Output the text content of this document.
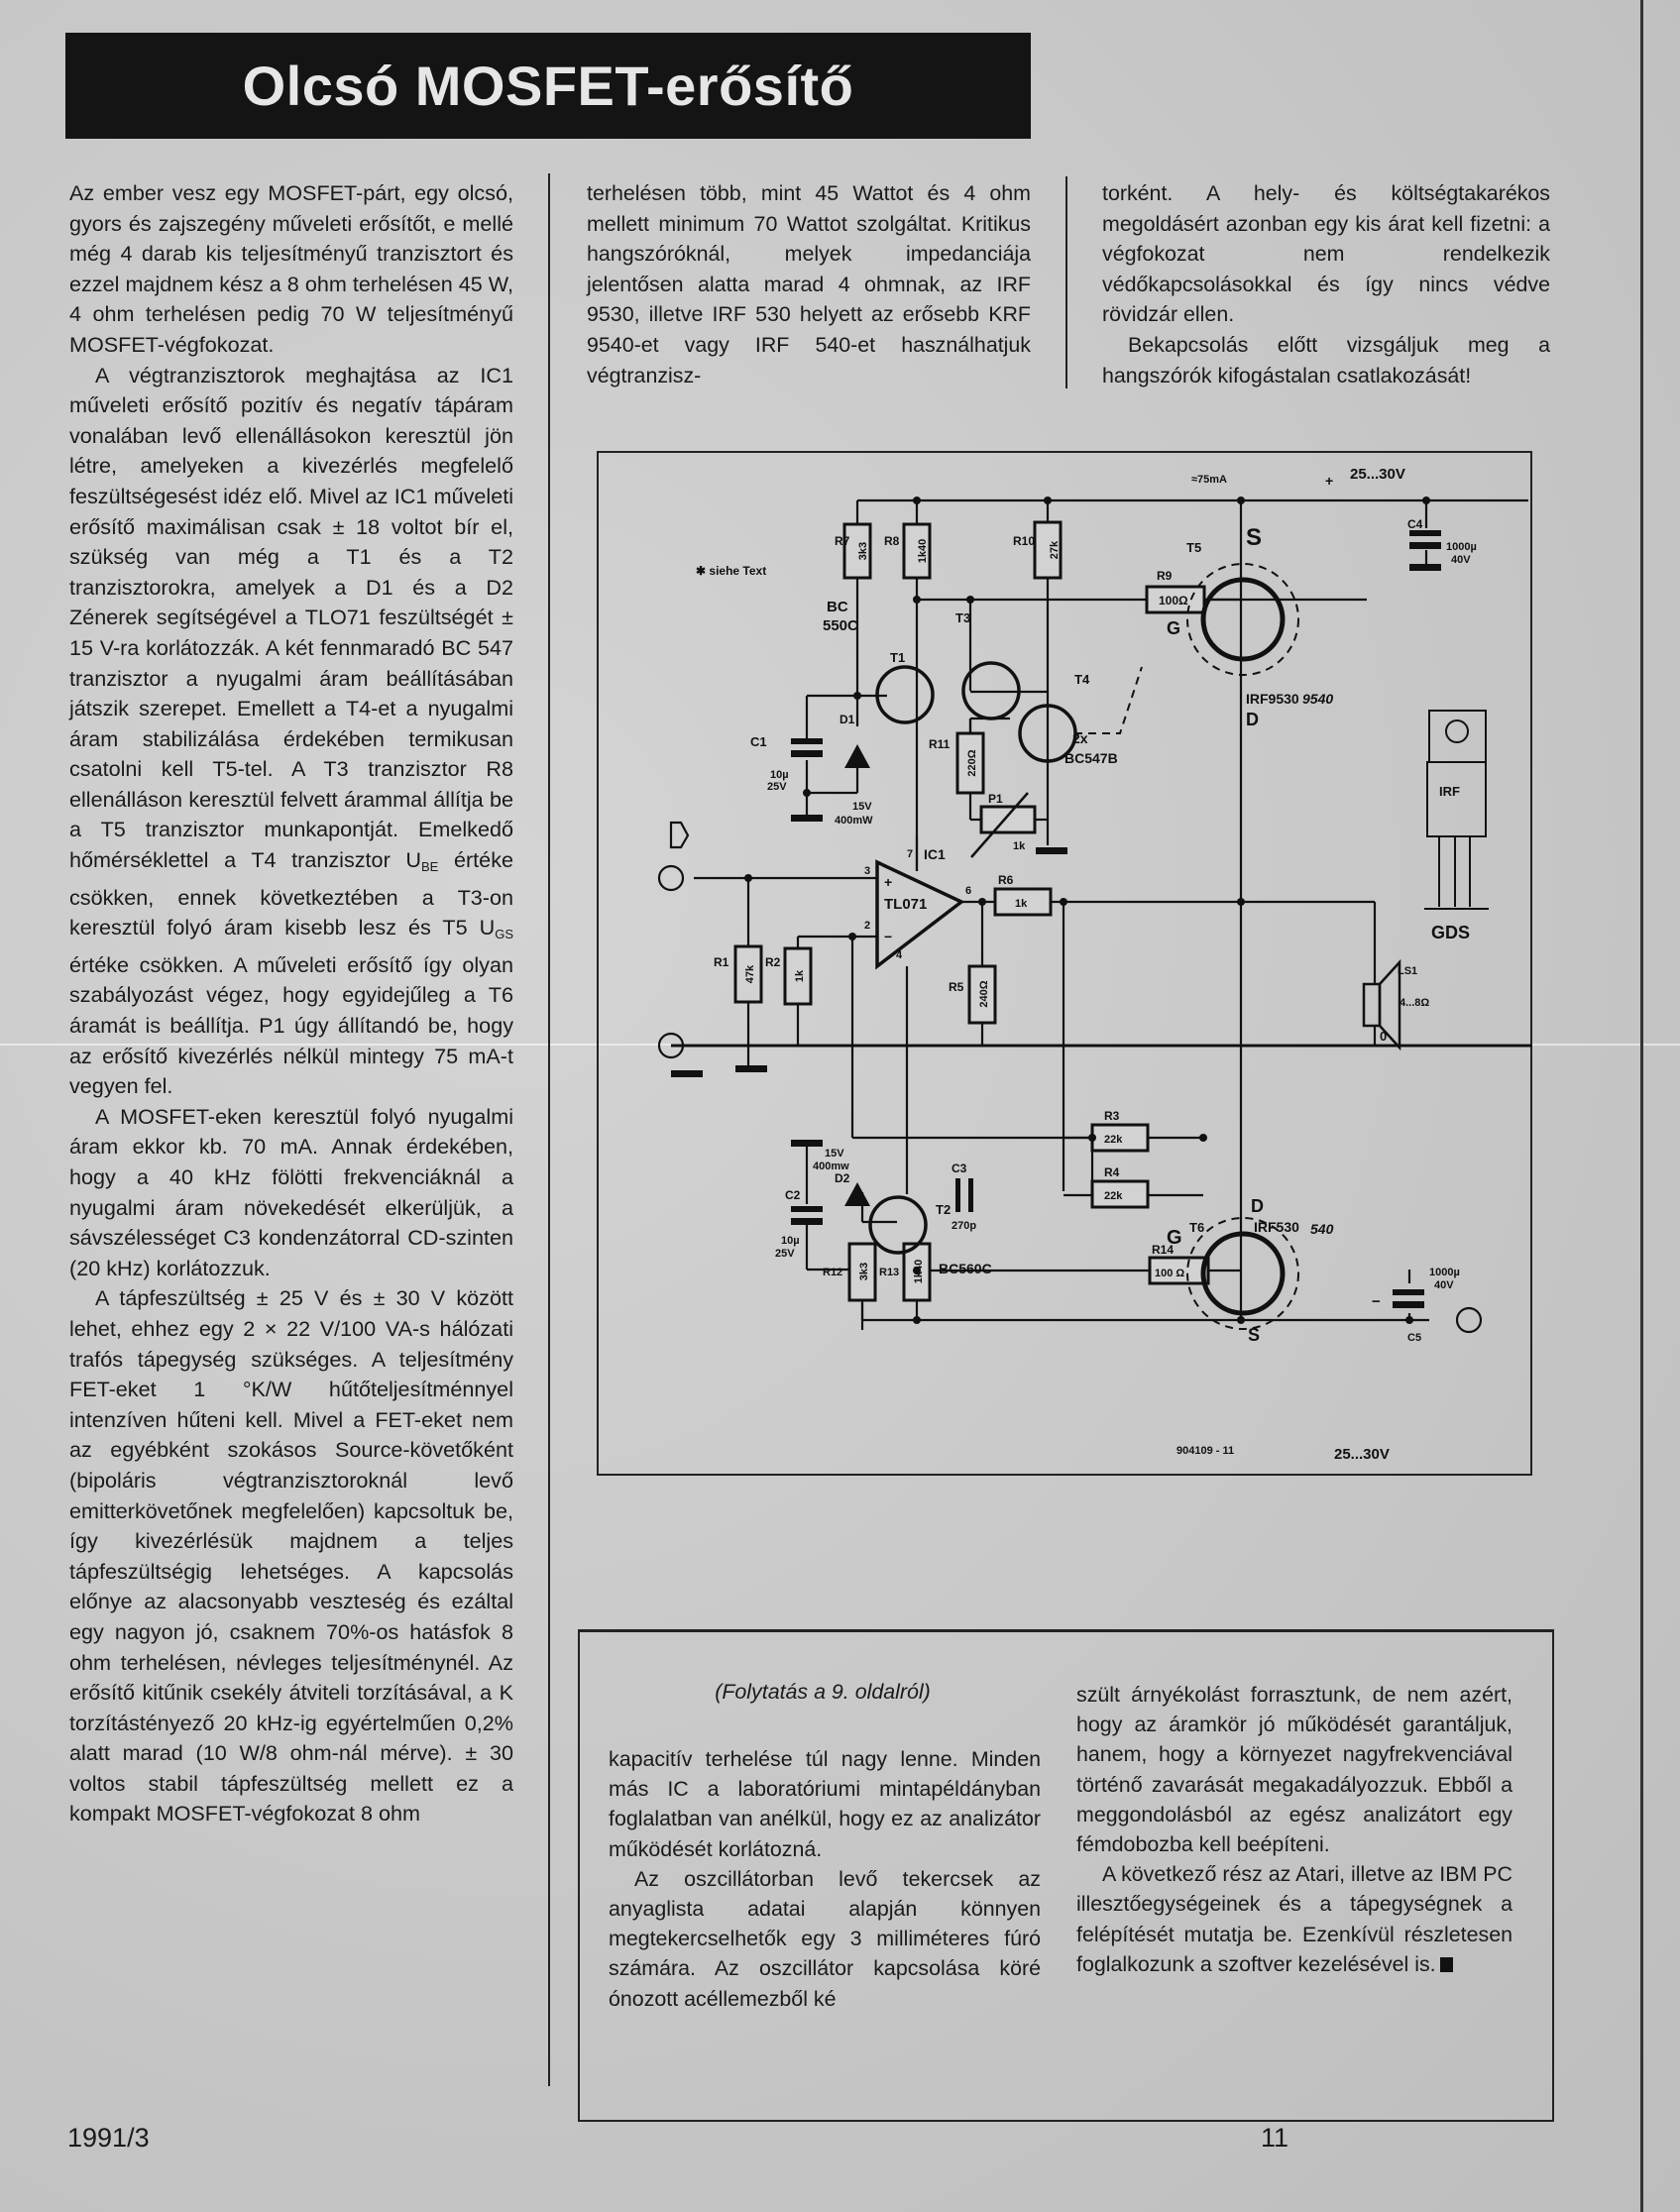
Olcsó MOSFET-erősítő

Az ember vesz egy MOSFET-párt, egy olcsó, gyors és zajszegény műveleti erősítőt, e mellé még 4 darab kis teljesítményű tranzisztort és ezzel majdnem kész a 8 ohm terhelésen 45 W, 4 ohm terhelésen pedig 70 W teljesítményű MOSFET-végfokozat.

A végtranzisztorok meghajtása az IC1 műveleti erősítő pozitív és negatív tápáram vonalában levő ellenállásokon keresztül jön létre, amelyeken a kivezérlés megfelelő feszültségesést idéz elő. Mivel az IC1 műveleti erősítő maximálisan csak ± 18 voltot bír el, szükség van még a T1 és a T2 tranzisztorokra, amelyek a D1 és a D2 Zénerek segítségével a TLO71 feszültségét ± 15 V-ra korlátozzák. A két fennmaradó BC 547 tranzisztor a nyugalmi áram beállításában játszik szerepet. Emellett a T4-et a nyugalmi áram stabilizálása érdekében termikusan csatolni kell T5-tel. A T3 tranzisztor R8 ellenálláson keresztül felvett árammal állítja be a T5 tranzisztor munkapontját. Emelkedő hőmérséklettel a T4 tranzisztor $U_{BE}$ értéke csökken, ennek következtében a T3-on keresztül folyó áram kisebb lesz és T5 $U_{GS}$ értéke csökken. A műveleti erősítő így olyan szabályozást végez, hogy egyidejűleg a T6 áramát is beállítja. P1 úgy állítandó be, hogy az erősítő kivezérlés nélkül mintegy 75 mA-t vegyen fel.

A MOSFET-eken keresztül folyó nyugalmi áram ekkor kb. 70 mA. Annak érdekében, hogy a 40 kHz fölötti frekvenciáknál a nyugalmi áram növekedését elkerüljük, a sávszélességet C3 kondenzátorral CD-szinten (20 kHz) korlátozzuk.

A tápfeszültség ± 25 V és ± 30 V között lehet, ehhez egy 2 × 22 V/100 VA-s hálózati trafós tápegység szükséges. A teljesítmény FET-eket 1 °K/W hűtőteljesítménnyel intenzíven hűteni kell. Mivel a FET-eket nem az egyébként szokásos Source-követőként (bipoláris végtranzisztoroknál levő emitterkövetőnek megfelelően) kapcsoltuk be, így kivezérlésük majdnem a teljes tápfeszültségig lehetséges. A kapcsolás előnye az alacsonyabb veszteség és ezáltal egy nagyon jó, csaknem 70%-os hatásfok 8 ohm terhelésen, névleges teljesítménynél. Az erősítő kitűnik csekély átviteli torzításával, a K torzítástényező 20 kHz-ig egyértelműen 0,2% alatt marad (10 W/8 ohm-nál mérve). ± 30 voltos stabil tápfeszültség mellett ez a kompakt MOSFET-végfokozat 8 ohm

terhelésen több, mint 45 Wattot és 4 ohm mellett minimum 70 Wattot szolgáltat. Kritikus hangszóróknál, melyek impedanciája jelentősen alatta marad 4 ohmnak, az IRF 9530, illetve IRF 530 helyett az erősebb KRF 9540-et vagy IRF 540-et használhatjuk végtranzisz-

torként. A hely- és költségtakarékos megoldásért azonban egy kis árat kell fizetni: a végfokozat nem rendelkezik védőkapcsolásokkal és így nincs védve rövidzár ellen.

Bekapcsolás előtt vizsgáljuk meg a hangszórók kifogástalan csatlakozását!

✱ siehe Text
≈75mA	+ 25...30V
25...30V
−
0
904109 - 11
R7	R8	R10
R9
100Ω
3k3	1k40	27k
R11
220Ω
P1
1k
BC
550C
T1
T3
T4
2x
BC547B
T5
IRF9530 9540
S
D
G
C1
10µ
25V
D1
15V
400mW
C4
1000µ
40V
IC1
TL071
3
+
2
−
7
6
4
R6
1k
R5 240Ω
R1
47k
R2
1k	LS1
4...8Ω
GDS
IRF
R3
22k
R4
22k
C3
270p
15V
400mw
D2
C2
10µ
25V
T2
BC560C
R12 3k3 R13 1k40
R14
100 Ω
T6	IRF530 540
D
S
G
C5
1000µ
40V
(Folytatás a 9. oldalról)

kapacitív terhelése túl nagy lenne. Minden más IC a laboratóriumi mintapéldányban foglalatban van anélkül, hogy ez az analizátor működését korlátozná.

Az oszcillátorban levő tekercsek az anyaglista adatai alapján könnyen megtekercselhetők egy 3 milliméteres fúró számára. Az oszcillátor kapcsolása köré ónozott acéllemezből ké

szült árnyékolást forrasztunk, de nem azért, hogy az áramkör jó működését garantáljuk, hanem, hogy a környezet nagyfrekvenciával történő zavarását megakadályozzuk. Ebből a meggondolásból az egész analizátort egy fémdobozba kell beépíteni.

A következő rész az Atari, illetve az IBM PC illesztőegységeinek és a tápegységnek a felépítését mutatja be. Ezenkívül részletesen foglalkozunk a szoftver kezelésével is.

1991/3	11
